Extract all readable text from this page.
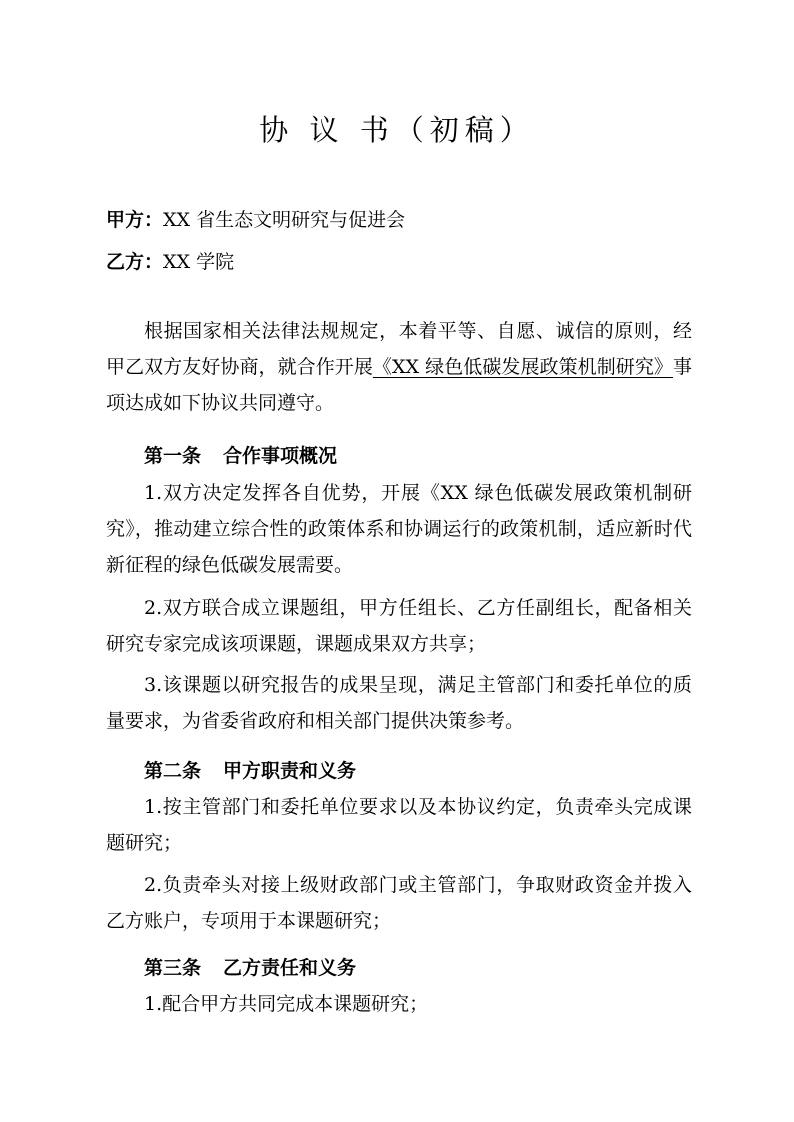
协 议 书（初稿）
甲方：XX 省生态文明研究与促进会
乙方：XX 学院
根据国家相关法律法规规定，本着平等、自愿、诚信的原则，经甲乙双方友好协商，就合作开展《XX 绿色低碳发展政策机制研究》事项达成如下协议共同遵守。
第一条 合作事项概况
1.双方决定发挥各自优势，开展《XX 绿色低碳发展政策机制研究》，推动建立综合性的政策体系和协调运行的政策机制，适应新时代新征程的绿色低碳发展需要。
2.双方联合成立课题组，甲方任组长、乙方任副组长，配备相关研究专家完成该项课题，课题成果双方共享；
3.该课题以研究报告的成果呈现，满足主管部门和委托单位的质量要求，为省委省政府和相关部门提供决策参考。
第二条 甲方职责和义务
1.按主管部门和委托单位要求以及本协议约定，负责牵头完成课题研究；
2.负责牵头对接上级财政部门或主管部门，争取财政资金并拨入乙方账户，专项用于本课题研究；
第三条 乙方责任和义务
1.配合甲方共同完成本课题研究；
